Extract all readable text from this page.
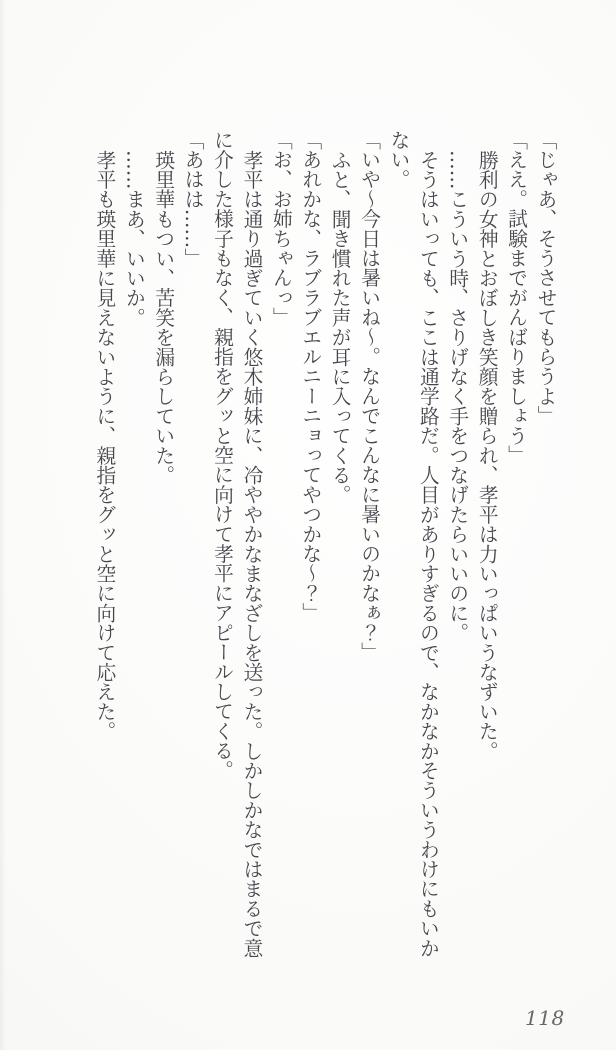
「じゃあ、そうさせてもらうよ」

「ええ。試験までがんばりましょう」

勝利の女神とおぼしき笑顔を贈られ、孝平は力いっぱいうなずいた。

……こういう時、さりげなく手をつなげたらいいのに。

そうはいっても、ここは通学路だ。人目がありすぎるので、なかなかそういうわけにもいかない。

「いや〜今日は暑いね〜。なんでこんなに暑いのかなぁ？」

ふと、聞き慣れた声が耳に入ってくる。

「あれかな、ラブラブエルニーニョってやつかな〜？」

「お、お姉ちゃんっ」

孝平は通り過ぎていく悠木姉妹に、冷ややかなまなざしを送った。しかしかなではまるで意に介した様子もなく、親指をグッと空に向けて孝平にアピールしてくる。

「あはは……」

瑛里華もつい、苦笑を漏らしていた。

……まあ、いいか。

孝平も瑛里華に見えないように、親指をグッと空に向けて応えた。

118
